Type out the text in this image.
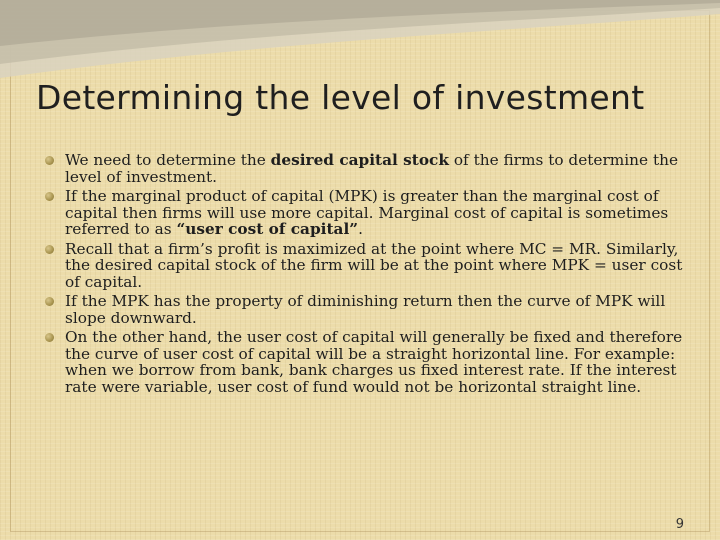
Determining the level of investment
We need to determine the desired capital stock of the firms to determine the level of investment.
If the marginal product of capital (MPK) is greater than the marginal cost of capital then firms will use more capital. Marginal cost of capital is sometimes referred to as “user cost of capital”.
Recall that a firm’s profit is maximized at the point where MC = MR. Similarly, the desired capital stock of the firm will be at the point where MPK = user cost of capital.
If the MPK has the property of diminishing return then the curve of MPK will slope downward.
On the other hand, the user cost of capital will generally be fixed and therefore the curve of user cost of capital will be a straight horizontal line. For example: when we borrow from bank, bank charges us fixed interest rate. If the interest rate were variable, user cost of fund would not be horizontal straight line.
9
